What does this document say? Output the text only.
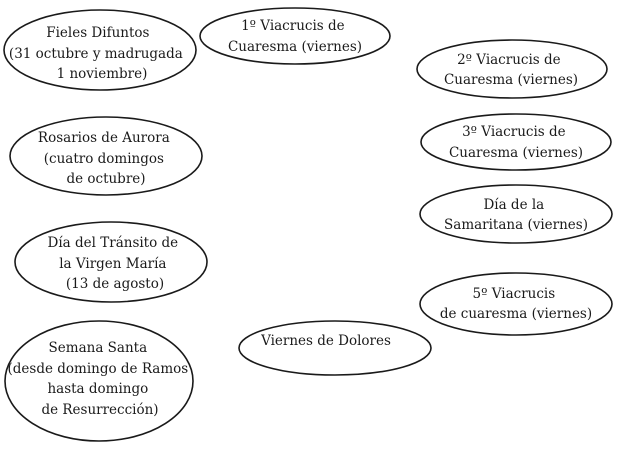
Fieles Difuntos (31 octubre y madrugada 1 noviembre)
1º Viacrucis de Cuaresma (viernes)
2º Viacrucis de Cuaresma (viernes)
Rosarios de Aurora (cuatro domingos de octubre)
3º Viacrucis de Cuaresma (viernes)
Día de la Samaritana (viernes)
Día del Tránsito de la Virgen María (13 de agosto)
5º Viacrucis de cuaresma (viernes)
Viernes de Dolores
Semana Santa (desde domingo de Ramos hasta domingo de Resurrección)
